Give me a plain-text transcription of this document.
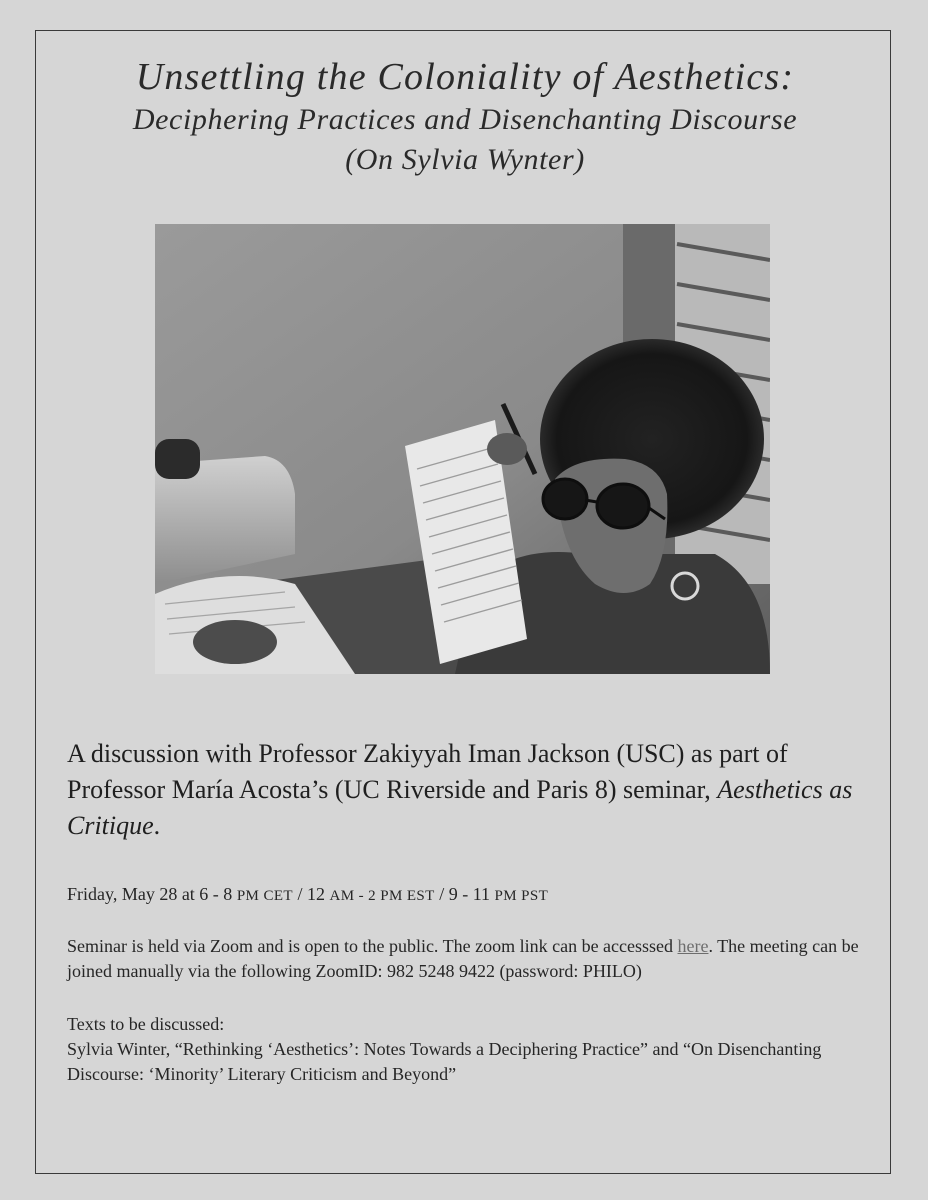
Unsettling the Coloniality of Aesthetics:
Deciphering Practices and Disenchanting Discourse
(On Sylvia Wynter)
A discussion with Professor Zakiyyah Iman Jackson (USC) as part of Professor María Acosta’s (UC Riverside and Paris 8) seminar, Aesthetics as Critique.
Friday, May 28 at 6 - 8 PM CET / 12 AM - 2 PM EST / 9 - 11 PM PST
Seminar is held via Zoom and is open to the public. The zoom link can be accesssed here. The meeting can be joined manually via the following ZoomID: 982 5248 9422 (password: PHILO)
Texts to be discussed:
Sylvia Winter, “Rethinking ‘Aesthetics’: Notes Towards a Deciphering Practice” and “On Disenchanting Discourse: ‘Minority’ Literary Criticism and Beyond”
